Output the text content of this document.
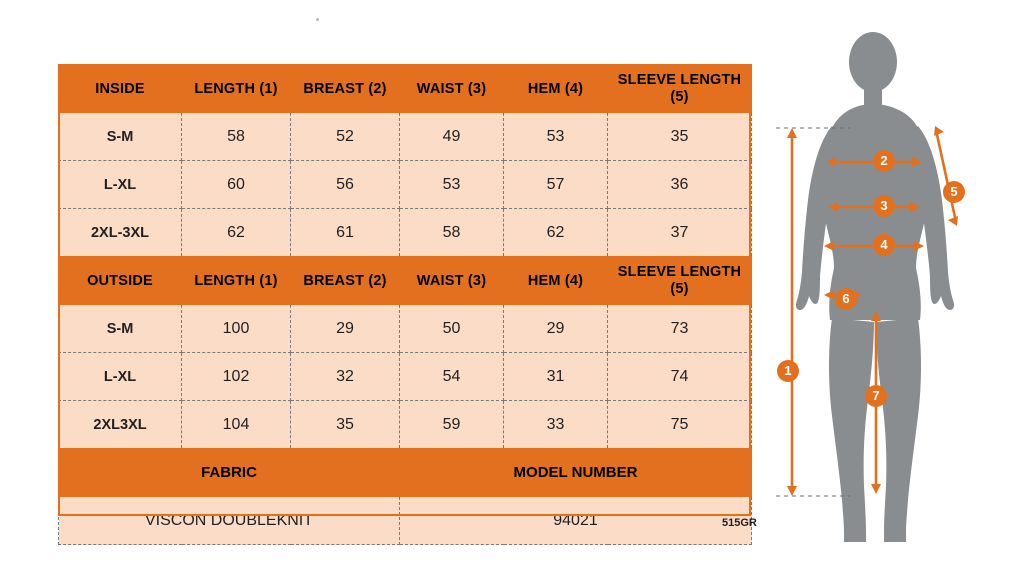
INSIDE	LENGTH (1)	BREAST (2)	WAIST (3)	HEM (4)	SLEEVE LENGTH (5)
S-M	58	52	49	53	35
L-XL	60	56	53	57	36
2XL-3XL	62	61	58	62	37
OUTSIDE	LENGTH (1)	BREAST (2)	WAIST (3)	HEM (4)	SLEEVE LENGTH (5)
S-M	100	29	50	29	73
L-XL	102	32	54	31	74
2XL3XL	104	35	59	33	75
FABRIC			MODEL NUMBER		
VISCON DOUBLEKNIT			94021			515GR
1
2
3
4
5
6
7
